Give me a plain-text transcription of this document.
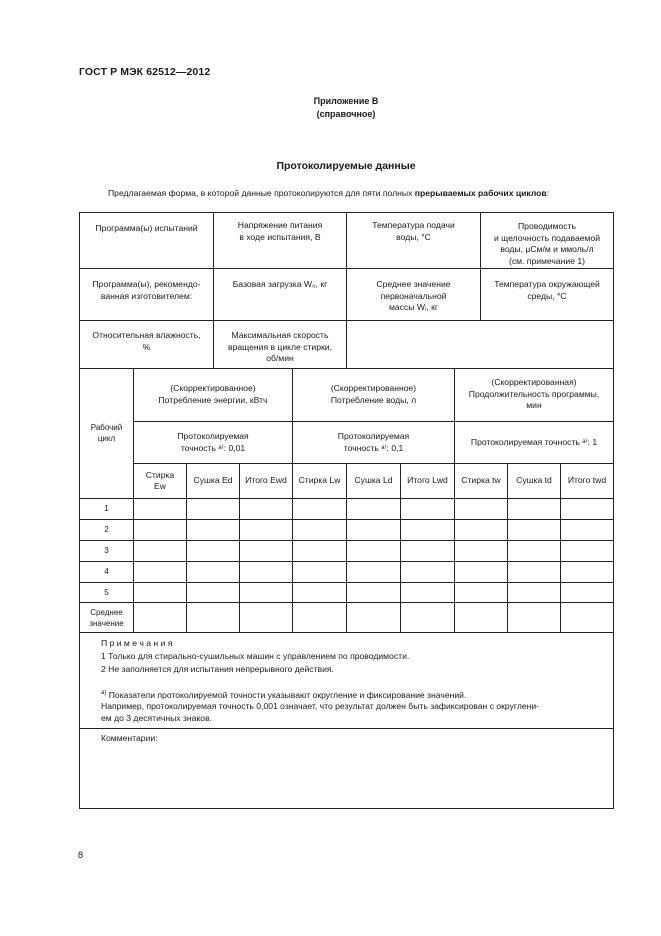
ГОСТ Р МЭК 62512—2012
Приложение В
(справочное)
Протоколируемые данные
Предлагаемая форма, в которой данные протоколируются для пяти полных прерываемых рабочих циклов:
Программа(ы) испытаний	Напряжение питания
в ходе испытания, В
Температура подачи
воды, °С
Проводимость
и щелочность подаваемой
воды, µСм/м и ммоль/л
(см. примечание 1)
Программа(ы), рекомендо-
ванная изготовителем:
Базовая загрузка W₀, кг	Среднее значение
первоначальной
массы Wᵢ, кг
Температура окружающей
среды, °С
Относительная влажность,
%
Максимальная скорость
вращения в цикле стирки,
об/мин
Рабочий
цикл
(Скорректированное)
Потребление энергии, кВтч
(Скорректированное)
Потребление воды, л
(Скорректированная)
Продолжительность программы,
мин
Протоколируемая
точность ᵃ⁾: 0,01
Протоколируемая
точность ᵃ⁾: 0,1
Протоколируемая точность ᵃ⁾: 1
Стирка
Ew
Сушка Ed Итого Ewd Стирка Lw Сушка Ld Итого Lwd Стирка tw Сушка td Итого twd
1
2
3
4
5
Среднее
значение
П р и м е ч а н и я
1 Только для стирально-сушильных машин с управлением по проводимости.
2 Не заполняется для испытания непрерывного действия.
$^{а)}$ Показатели протоколируемой точности указывают округление и фиксирование значений.
Например, протоколируемая точность 0,001 означает, что результат должен быть зафиксирован с округлени-
ем до 3 десятичных знаков.
Комментарии:
8
